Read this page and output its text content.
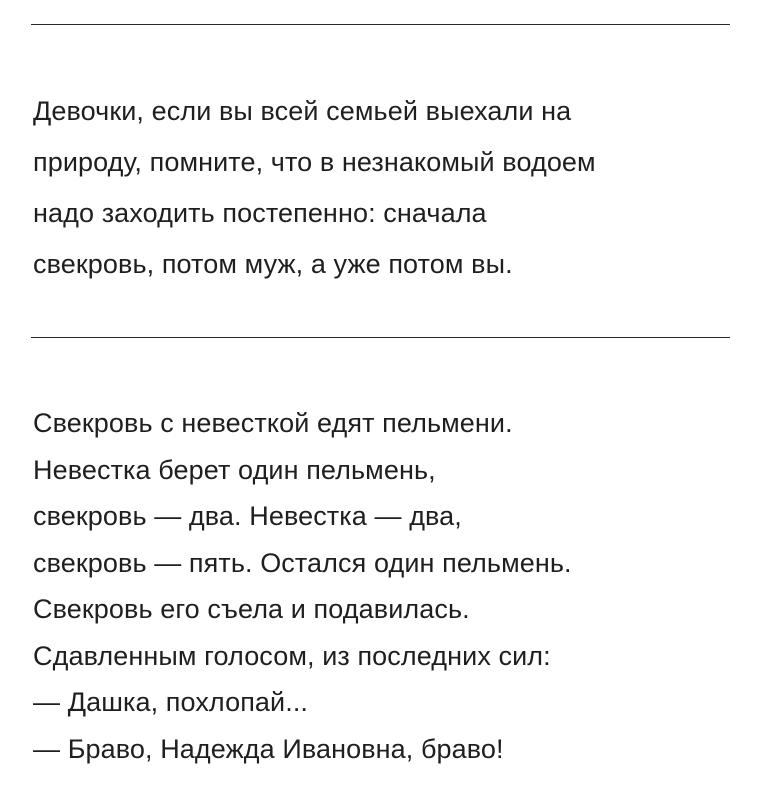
Девочки, если вы всей семьей выехали на
природу, помните, что в незнакомый водоем
надо заходить постепенно: сначала
свекровь, потом муж, а уже потом вы.
Свекровь с невесткой едят пельмени.
Невестка берет один пельмень,
свекровь — два. Невестка — два,
свекровь — пять. Остался один пельмень.
Свекровь его съела и подавилась.
Сдавленным голосом, из последних сил:
— Дашка, похлопай...
— Браво, Надежда Ивановна, браво!
